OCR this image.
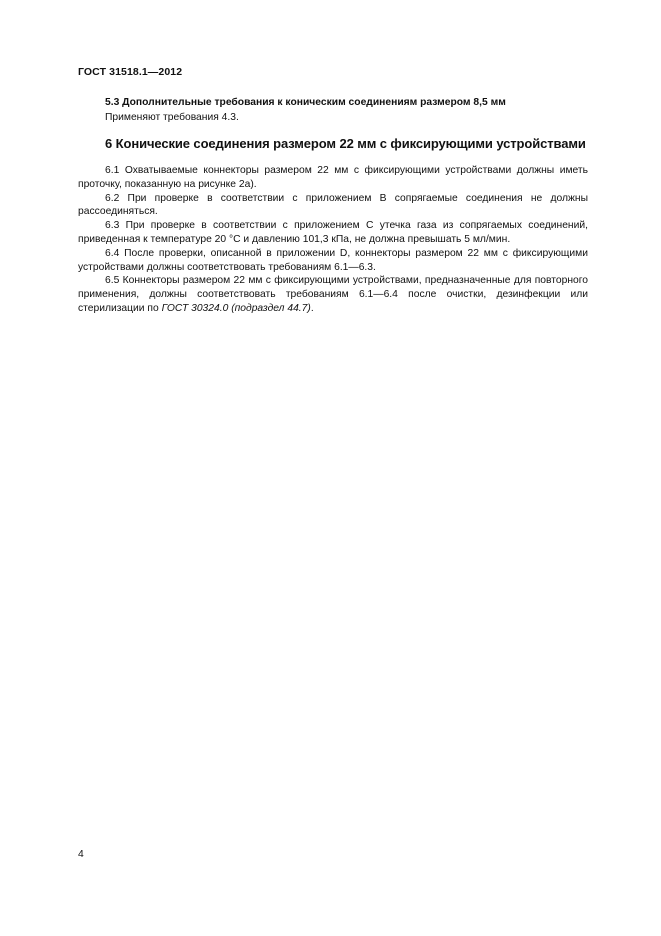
ГОСТ 31518.1—2012
5.3 Дополнительные требования к коническим соединениям размером 8,5 мм
Применяют требования 4.3.
6 Конические соединения размером 22 мм с фиксирующими устройствами

6.1 Охватываемые коннекторы размером 22 мм с фиксирующими устройствами должны иметь проточку, показанную на рисунке 2а).

6.2 При проверке в соответствии с приложением В сопрягаемые соединения не должны рассоединяться.

6.3 При проверке в соответствии с приложением С утечка газа из сопрягаемых соединений, приведенная к температуре 20 °С и давлению 101,3 кПа, не должна превышать 5 мл/мин.

6.4 После проверки, описанной в приложении D, коннекторы размером 22 мм с фиксирующими устройствами должны соответствовать требованиям 6.1—6.3.

6.5 Коннекторы размером 22 мм с фиксирующими устройствами, предназначенные для повторного применения, должны соответствовать требованиям 6.1—6.4 после очистки, дезинфекции или стерилизации по ГОСТ 30324.0 (подраздел 44.7).

4
